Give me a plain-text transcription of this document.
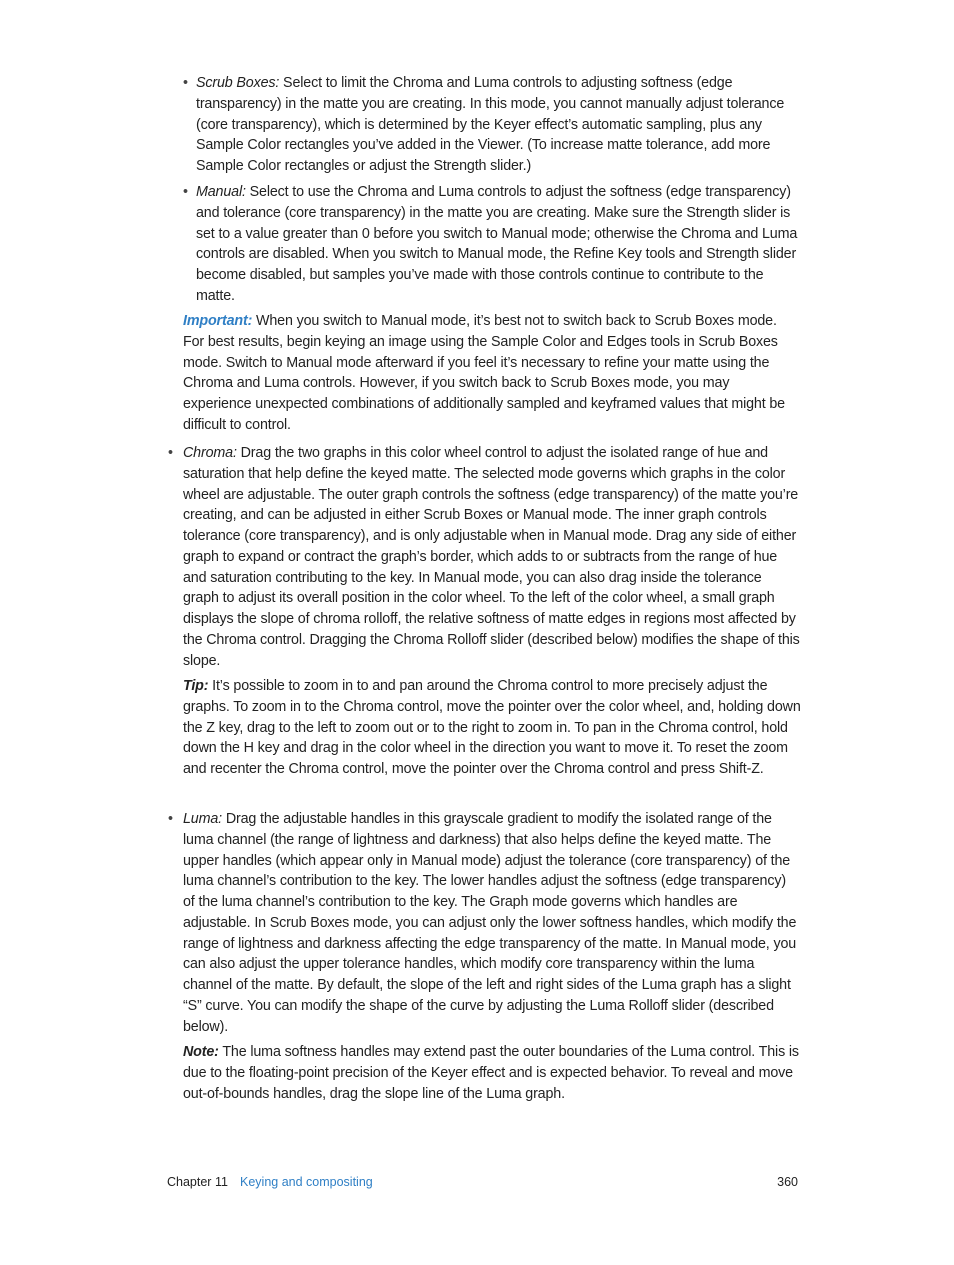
• Scrub Boxes: Select to limit the Chroma and Luma controls to adjusting softness (edge transparency) in the matte you are creating. In this mode, you cannot manually adjust tolerance (core transparency), which is determined by the Keyer effect’s automatic sampling, plus any Sample Color rectangles you’ve added in the Viewer. (To increase matte tolerance, add more Sample Color rectangles or adjust the Strength slider.)

• Manual: Select to use the Chroma and Luma controls to adjust the softness (edge transparency) and tolerance (core transparency) in the matte you are creating. Make sure the Strength slider is set to a value greater than 0 before you switch to Manual mode; otherwise the Chroma and Luma controls are disabled. When you switch to Manual mode, the Refine Key tools and Strength slider become disabled, but samples you’ve made with those controls continue to contribute to the matte.

Important: When you switch to Manual mode, it’s best not to switch back to Scrub Boxes mode. For best results, begin keying an image using the Sample Color and Edges tools in Scrub Boxes mode. Switch to Manual mode afterward if you feel it’s necessary to refine your matte using the Chroma and Luma controls. However, if you switch back to Scrub Boxes mode, you may experience unexpected combinations of additionally sampled and keyframed values that might be difficult to control.

• Chroma: Drag the two graphs in this color wheel control to adjust the isolated range of hue and saturation that help define the keyed matte. The selected mode governs which graphs in the color wheel are adjustable. The outer graph controls the softness (edge transparency) of the matte you’re creating, and can be adjusted in either Scrub Boxes or Manual mode. The inner graph controls tolerance (core transparency), and is only adjustable when in Manual mode. Drag any side of either graph to expand or contract the graph’s border, which adds to or subtracts from the range of hue and saturation contributing to the key. In Manual mode, you can also drag inside the tolerance graph to adjust its overall position in the color wheel. To the left of the color wheel, a small graph displays the slope of chroma rolloff, the relative softness of matte edges in regions most affected by the Chroma control. Dragging the Chroma Rolloff slider (described below) modifies the shape of this slope.

Tip: It’s possible to zoom in to and pan around the Chroma control to more precisely adjust the graphs. To zoom in to the Chroma control, move the pointer over the color wheel, and, holding down the Z key, drag to the left to zoom out or to the right to zoom in. To pan in the Chroma control, hold down the H key and drag in the color wheel in the direction you want to move it. To reset the zoom and recenter the Chroma control, move the pointer over the Chroma control and press Shift-Z.

• Luma: Drag the adjustable handles in this grayscale gradient to modify the isolated range of the luma channel (the range of lightness and darkness) that also helps define the keyed matte. The upper handles (which appear only in Manual mode) adjust the tolerance (core transparency) of the luma channel’s contribution to the key. The lower handles adjust the softness (edge transparency) of the luma channel’s contribution to the key. The Graph mode governs which handles are adjustable. In Scrub Boxes mode, you can adjust only the lower softness handles, which modify the range of lightness and darkness affecting the edge transparency of the matte. In Manual mode, you can also adjust the upper tolerance handles, which modify core transparency within the luma channel of the matte. By default, the slope of the left and right sides of the Luma graph has a slight “S” curve. You can modify the shape of the curve by adjusting the Luma Rolloff slider (described below).

Note: The luma softness handles may extend past the outer boundaries of the Luma control. This is due to the floating-point precision of the Keyer effect and is expected behavior. To reveal and move out-of-bounds handles, drag the slope line of the Luma graph.

Chapter 11 Keying and compositing	360
